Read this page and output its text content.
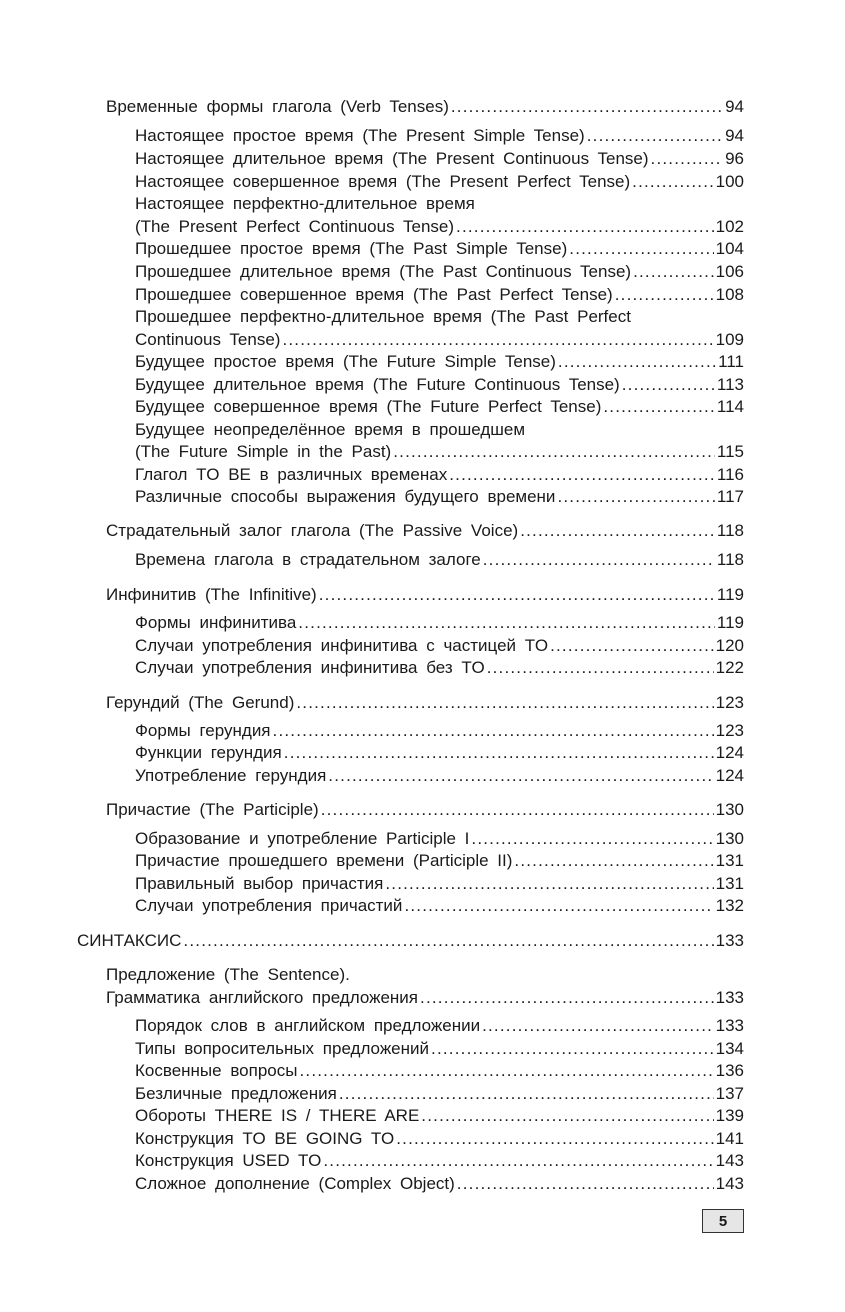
Временные формы глагола (Verb Tenses) .....	94
Настоящее простое время (The Present Simple Tense) .....	94
Настоящее длительное время (The Present Continuous Tense) .....	96
Настоящее совершенное время (The Present Perfect Tense) .....	100
Настоящее перфектно-длительное время
(The Present Perfect Continuous Tense) .....	102
Прошедшее простое время (The Past Simple Tense) .....	104
Прошедшее длительное время (The Past Continuous Tense) .....	106
Прошедшее совершенное время (The Past Perfect Tense) .....	108
Прошедшее перфектно-длительное время (The Past Perfect
Continuous Tense) .....	109
Будущее простое время (The Future Simple Tense) .....	111
Будущее длительное время (The Future Continuous Tense) .....	113
Будущее совершенное время (The Future Perfect Tense) .....	114
Будущее неопределённое время в прошедшем
(The Future Simple in the Past) .....	115
Глагол TO BE в различных временах .....	116
Различные способы выражения будущего времени .....	117
Страдательный залог глагола (The Passive Voice) .....	118
Времена глагола в страдательном залоге .....	118
Инфинитив (The Infinitive) .....	119
Формы инфинитива .....	119
Случаи употребления инфинитива с частицей TO .....	120
Случаи употребления инфинитива без TO .....	122
Герундий (The Gerund) .....	123
Формы герундия .....	123
Функции герундия .....	124
Употребление герундия .....	124
Причастие (The Participle) .....	130
Образование и употребление Participle I .....	130
Причастие прошедшего времени (Participle II) .....	131
Правильный выбор причастия .....	131
Случаи употребления причастий .....	132
СИНТАКСИС .....	133
Предложение (The Sentence).
Грамматика английского предложения .....	133
Порядок слов в английском предложении .....	133
Типы вопросительных предложений .....	134
Косвенные вопросы .....	136
Безличные предложения .....	137
Обороты THERE IS / THERE ARE .....	139
Конструкция TO BE GOING TO .....	141
Конструкция USED TO .....	143
Сложное дополнение (Complex Object) .....	143
5
